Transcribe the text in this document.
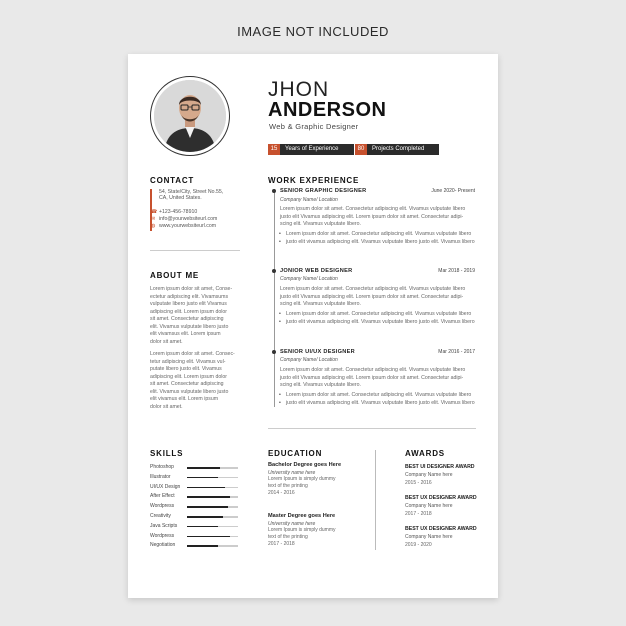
IMAGE NOT INCLUDED
JHON
ANDERSON
Web & Graphic Designer
15	Years of Experience	80	Projects Completed
CONTACT
54, State/City, Street No.55,
CA, United States.
☎ +123-456-78910
✉ info@yourwebsiteurl.com
◍ www.yourwebsiteurl.com
ABOUT ME
Lorem ipsum dolor sit amet, Conse-
ectetur adipiscing elit. Vivamsums
vulputate libero justo elit Vivamus
adipiscing elit. Lorem ipsum dolor
sit amet. Consectetur adipiscing
elit. Vivamus vulputate libero justo
elit vivamsus elit. Lorem ipsum
dolor sit amet.
Lorem ipsum dolor sit amet. Consec-
tetur adipiscing elit. Vivamus vul-
putate libero justo elit. Vivamus
adipiscing elit. Lorem ipsum dolor
sit amet. Consectetur adipiscing
elit. Vivamus vulputate libero justo
elit vivamus elit. Lorem ipsum
dolor sit amet.
WORK EXPERIENCE
SENIOR GRAPHIC DESIGNER	June 2020- Present
Company Name/ Location
Lorem ipsum dolor sit amet. Consectetur adipiscing elit. Vivamus vulputate libero
justo elit Vivamus adipiscing elit. Lorem ipsum dolor sit amet. Consectetur adipi-
scing elit. Vivamus vulputate libero.
• Lorem ipsum dolor sit amet. Consectetur adipiscing elit. Vivamus vulputate libero
• justo elit vivamus adipiscing elit. Vivamus vulputate libero justo elit. Vivamus libero
JONIOR WEB DESIGNER	Mar 2018 - 2019
Company Name/ Location
Lorem ipsum dolor sit amet. Consectetur adipiscing elit. Vivamus vulputate libero
justo elit Vivamus adipiscing elit. Lorem ipsum dolor sit amet. Consectetur adipi-
scing elit. Vivamus vulputate libero.
• Lorem ipsum dolor sit amet. Consectetur adipiscing elit. Vivamus vulputate libero
• justo elit vivamus adipiscing elit. Vivamus vulputate libero justo elit. Vivamus libero
SENIOR UI/UX DESIGNER	Mar 2016 - 2017
Company Name/ Location
Lorem ipsum dolor sit amet. Consectetur adipiscing elit. Vivamus vulputate libero
justo elit Vivamus adipiscing elit. Lorem ipsum dolor sit amet. Consectetur adipi-
scing elit. Vivamus vulputate libero.
• Lorem ipsum dolor sit amet. Consectetur adipiscing elit. Vivamus vulputate libero
• justo elit vivamus adipiscing elit. Vivamus vulputate libero justo elit. Vivamus libero
SKILLS	EDUCATION
Bachelor Degree goes Here
University name here
Lorem Ipsum is simply dummy
text of the printing
2014 - 2016
Master Degree goes Here
University name here
Lorem Ipsum is simply dummy
text of the printing
2017 - 2018
AWARDS
BEST UI DESIGNER AWARD
Company Name here
2015 - 2016
BEST UX DESIGNER AWARD
Company Name here
2017 - 2018
BEST UX DESIGNER AWARD
Company Name here
2019 - 2020
Photoshop
Illustrator
UI/UX Design
After Effect
Wordpress
Creativity
Java Scripts
Wordpress
Negotiation
